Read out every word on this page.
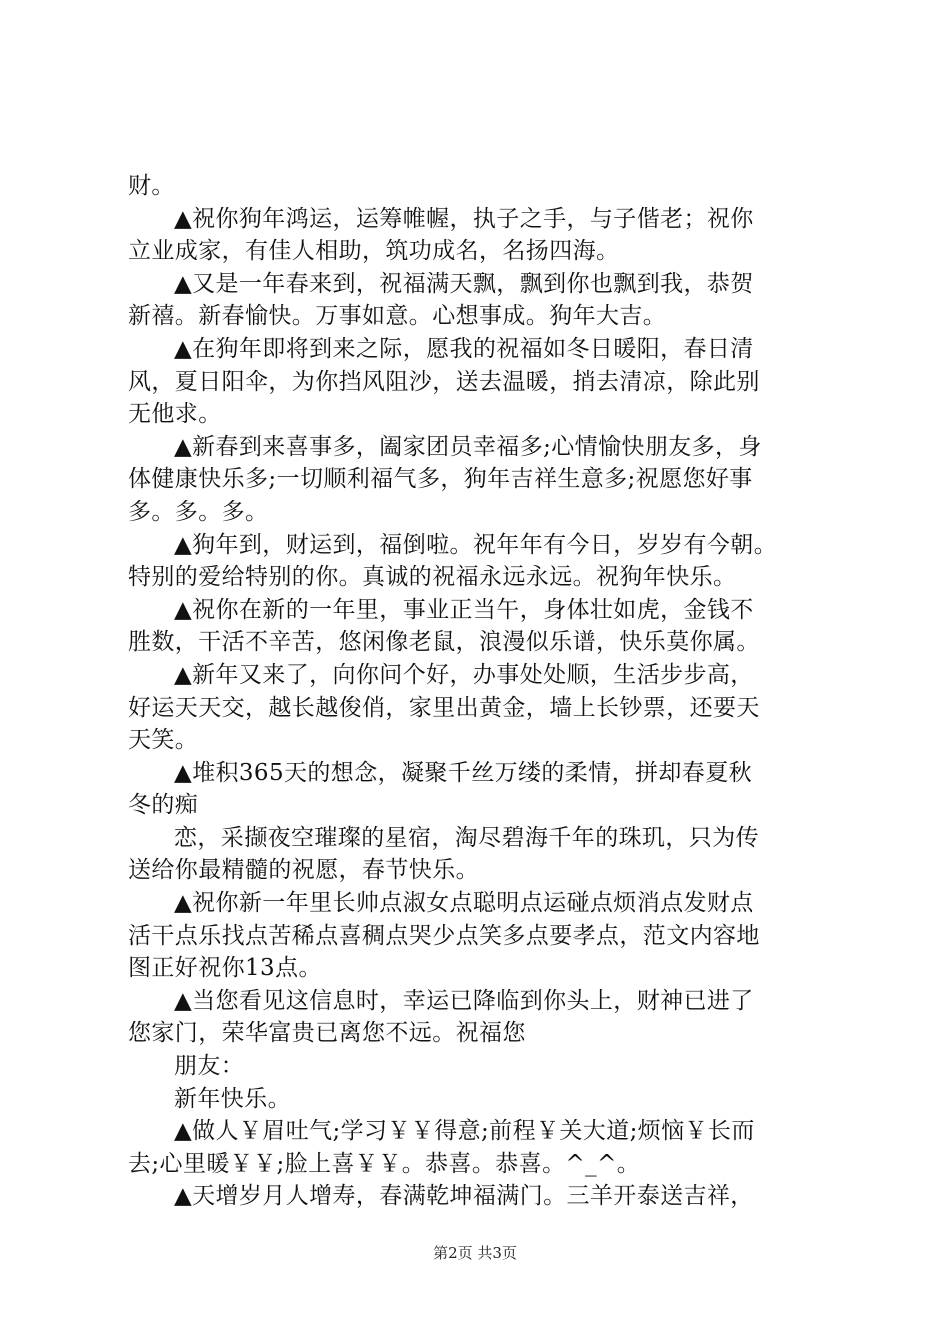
财。
▲祝你狗年鸿运，运筹帷幄，执子之手，与子偕老；祝你
立业成家，有佳人相助，筑功成名，名扬四海。
▲又是一年春来到，祝福满天飘，飘到你也飘到我，恭贺
新禧。新春愉快。万事如意。心想事成。狗年大吉。
▲在狗年即将到来之际，愿我的祝福如冬日暖阳，春日清
风，夏日阳伞，为你挡风阻沙，送去温暖，捎去清凉，除此别
无他求。
▲新春到来喜事多，阖家团员幸福多;心情愉快朋友多，身
体健康快乐多;一切顺利福气多，狗年吉祥生意多;祝愿您好事
多。多。多。
▲狗年到，财运到，福倒啦。祝年年有今日，岁岁有今朝。
特别的爱给特别的你。真诚的祝福永远永远。祝狗年快乐。
▲祝你在新的一年里，事业正当午，身体壮如虎，金钱不
胜数，干活不辛苦，悠闲像老鼠，浪漫似乐谱，快乐莫你属。
▲新年又来了，向你问个好，办事处处顺，生活步步高，
好运天天交，越长越俊俏，家里出黄金，墙上长钞票，还要天
天笑。
▲堆积365天的想念，凝聚千丝万缕的柔情，拼却春夏秋
冬的痴
恋，采撷夜空璀璨的星宿，淘尽碧海千年的珠玑，只为传
送给你最精髓的祝愿，春节快乐。
▲祝你新一年里长帅点淑女点聪明点运碰点烦消点发财点
活干点乐找点苦稀点喜稠点哭少点笑多点要孝点，范文内容地
图正好祝你13点。
▲当您看见这信息时，幸运已降临到你头上，财神已进了
您家门，荣华富贵已离您不远。祝福您
朋友：
新年快乐。
▲做人￥眉吐气;学习￥￥得意;前程￥关大道;烦恼￥长而
去;心里暖￥￥;脸上喜￥￥。恭喜。恭喜。^_^。
▲天增岁月人增寿，春满乾坤福满门。三羊开泰送吉祥，
第2页 共3页
